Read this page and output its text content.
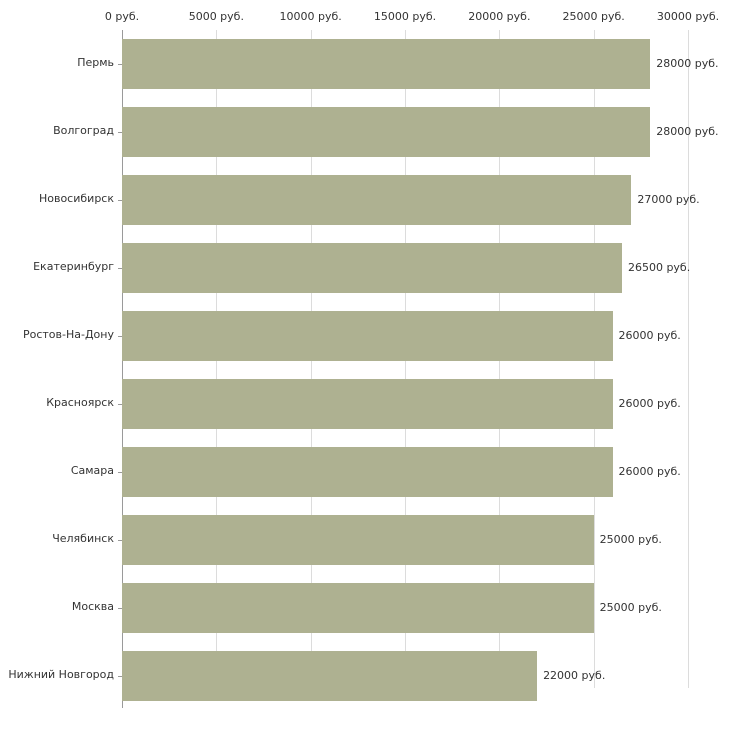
0 руб.	5000 руб.	10000 руб.	15000 руб.	20000 руб.	25000 руб.	30000 руб.
28000 руб.
Пермь
28000 руб.
Волгоград
27000 руб.
Новосибирск
26500 руб.
Екатеринбург
26000 руб.
Ростов-На-Дону
26000 руб.
Красноярск
26000 руб.
Самара
25000 руб.
Челябинск
25000 руб.
Москва
22000 руб.
Нижний Новгород
